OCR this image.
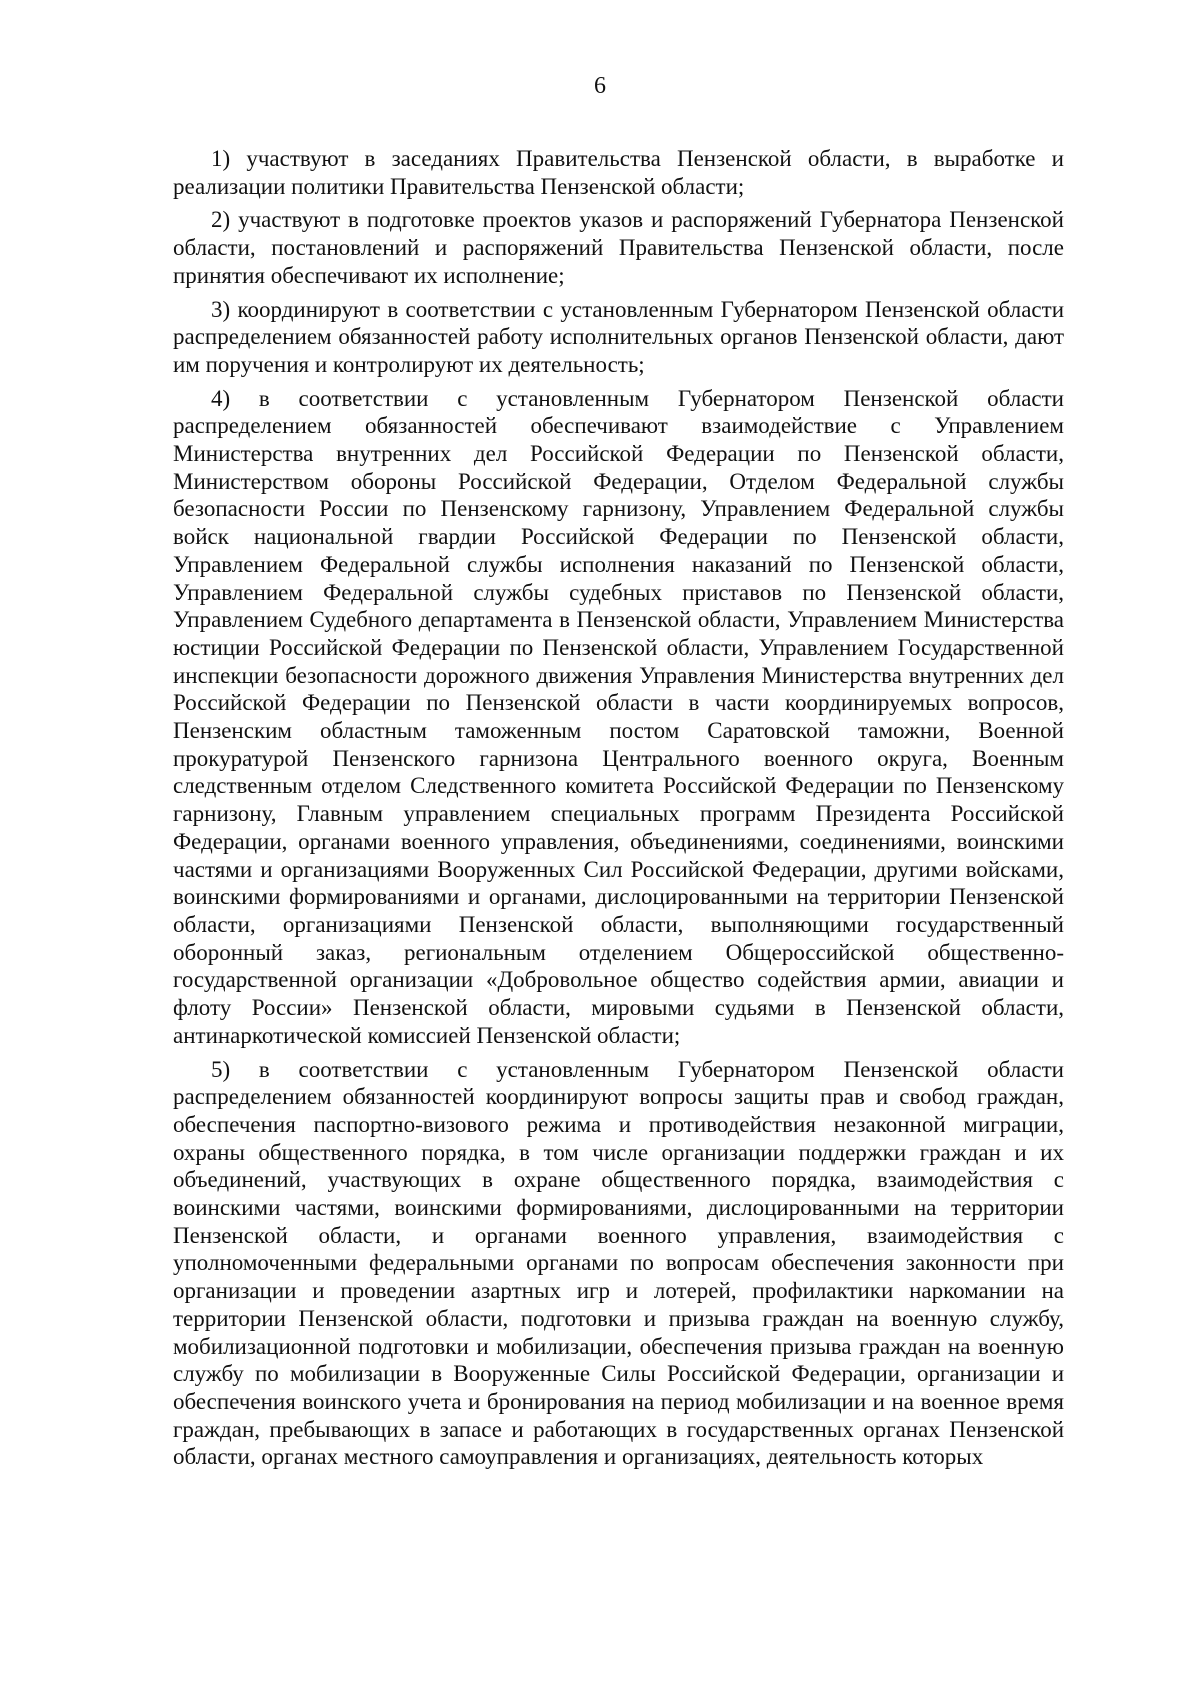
6

1) участвуют в заседаниях Правительства Пензенской области, в выработке и реализации политики Правительства Пензенской области;

2) участвуют в подготовке проектов указов и распоряжений Губернатора Пензенской области, постановлений и распоряжений Правительства Пензенской области, после принятия обеспечивают их исполнение;

3) координируют в соответствии с установленным Губернатором Пензенской области распределением обязанностей работу исполнительных органов Пензенской области, дают им поручения и контролируют их деятельность;

4) в соответствии с установленным Губернатором Пензенской области распределением обязанностей обеспечивают взаимодействие с Управлением Министерства внутренних дел Российской Федерации по Пензенской области, Министерством обороны Российской Федерации, Отделом Федеральной службы безопасности России по Пензенскому гарнизону, Управлением Федеральной службы войск национальной гвардии Российской Федерации по Пензенской области, Управлением Федеральной службы исполнения наказаний по Пензенской области, Управлением Федеральной службы судебных приставов по Пензенской области, Управлением Судебного департамента в Пензенской области, Управлением Министерства юстиции Российской Федерации по Пензенской области, Управлением Государственной инспекции безопасности дорожного движения Управления Министерства внутренних дел Российской Федерации по Пензенской области в части координируемых вопросов, Пензенским областным таможенным постом Саратовской таможни, Военной прокуратурой Пензенского гарнизона Центрального военного округа, Военным следственным отделом Следственного комитета Российской Федерации по Пензенскому гарнизону, Главным управлением специальных программ Президента Российской Федерации, органами военного управления, объединениями, соединениями, воинскими частями и организациями Вооруженных Сил Российской Федерации, другими войсками, воинскими формированиями и органами, дислоцированными на территории Пензенской области, организациями Пензенской области, выполняющими государственный оборонный заказ, региональным отделением Общероссийской общественно-государственной организации «Добровольное общество содействия армии, авиации и флоту России» Пензенской области, мировыми судьями в Пензенской области, антинаркотической комиссией Пензенской области;

5) в соответствии с установленным Губернатором Пензенской области распределением обязанностей координируют вопросы защиты прав и свобод граждан, обеспечения паспортно-визового режима и противодействия незаконной миграции, охраны общественного порядка, в том числе организации поддержки граждан и их объединений, участвующих в охране общественного порядка, взаимодействия с воинскими частями, воинскими формированиями, дислоцированными на территории Пензенской области, и органами военного управления, взаимодействия с уполномоченными федеральными органами по вопросам обеспечения законности при организации и проведении азартных игр и лотерей, профилактики наркомании на территории Пензенской области, подготовки и призыва граждан на военную службу, мобилизационной подготовки и мобилизации, обеспечения призыва граждан на военную службу по мобилизации в Вооруженные Силы Российской Федерации, организации и обеспечения воинского учета и бронирования на период мобилизации и на военное время граждан, пребывающих в запасе и работающих в государственных органах Пензенской области, органах местного самоуправления и организациях, деятельность которых
